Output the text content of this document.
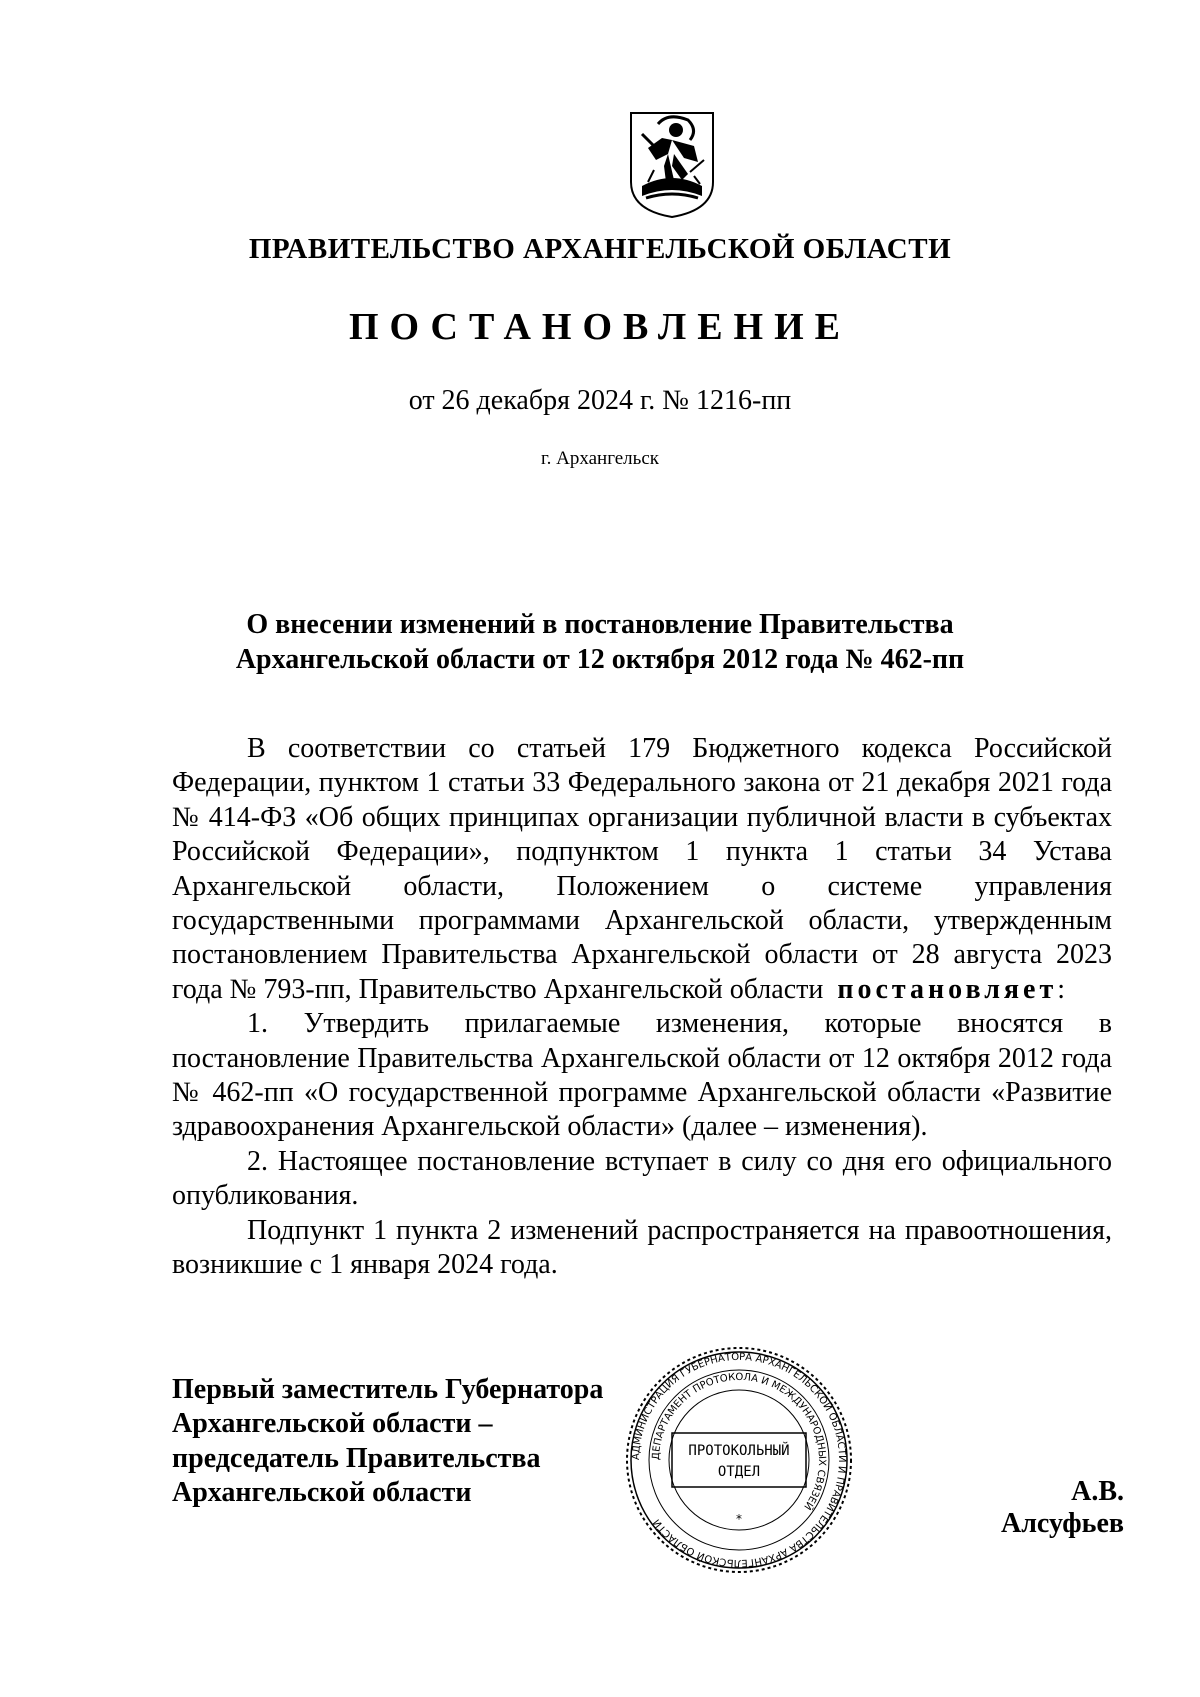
ПРАВИТЕЛЬСТВО АРХАНГЕЛЬСКОЙ ОБЛАСТИ
ПОСТАНОВЛЕНИЕ
от 26 декабря 2024 г. № 1216-пп
г. Архангельск
О внесении изменений в постановление Правительства
Архангельской области от 12 октября 2012 года № 462-пп

В соответствии со статьей 179 Бюджетного кодекса Российской Федерации, пунктом 1 статьи 33 Федерального закона от 21 декабря 2021 года № 414-ФЗ «Об общих принципах организации публичной власти в субъектах Российской Федерации», подпунктом 1 пункта 1 статьи 34 Устава Архангельской области, Положением о системе управления государственными программами Архангельской области, утвержденным постановлением Правительства Архангельской области от 28 августа 2023 года № 793-пп, Правительство Архангельской области постановляет:

1. Утвердить прилагаемые изменения, которые вносятся в постановление Правительства Архангельской области от 12 октября 2012 года № 462-пп «О государственной программе Архангельской области «Развитие здравоохранения Архангельской области» (далее – изменения).

2. Настоящее постановление вступает в силу со дня его официального опубликования.

Подпункт 1 пункта 2 изменений распространяется на правоотношения, возникшие с 1 января 2024 года.

Первый заместитель Губернатора
Архангельской области –
председатель Правительства
Архангельской области	А.В. Алсуфьев
АДМИНИСТРАЦИЯ ГУБЕРНАТОРА АРХАНГЕЛЬСКОЙ ОБЛАСТИ И ПРАВИТЕЛЬСТВА АРХАНГЕЛЬСКОЙ ОБЛАСТИ
ДЕПАРТАМЕНТ ПРОТОКОЛА И МЕЖДУНАРОДНЫХ СВЯЗЕЙ
ПРОТОКОЛЬНЫЙ
ОТДЕЛ
*
